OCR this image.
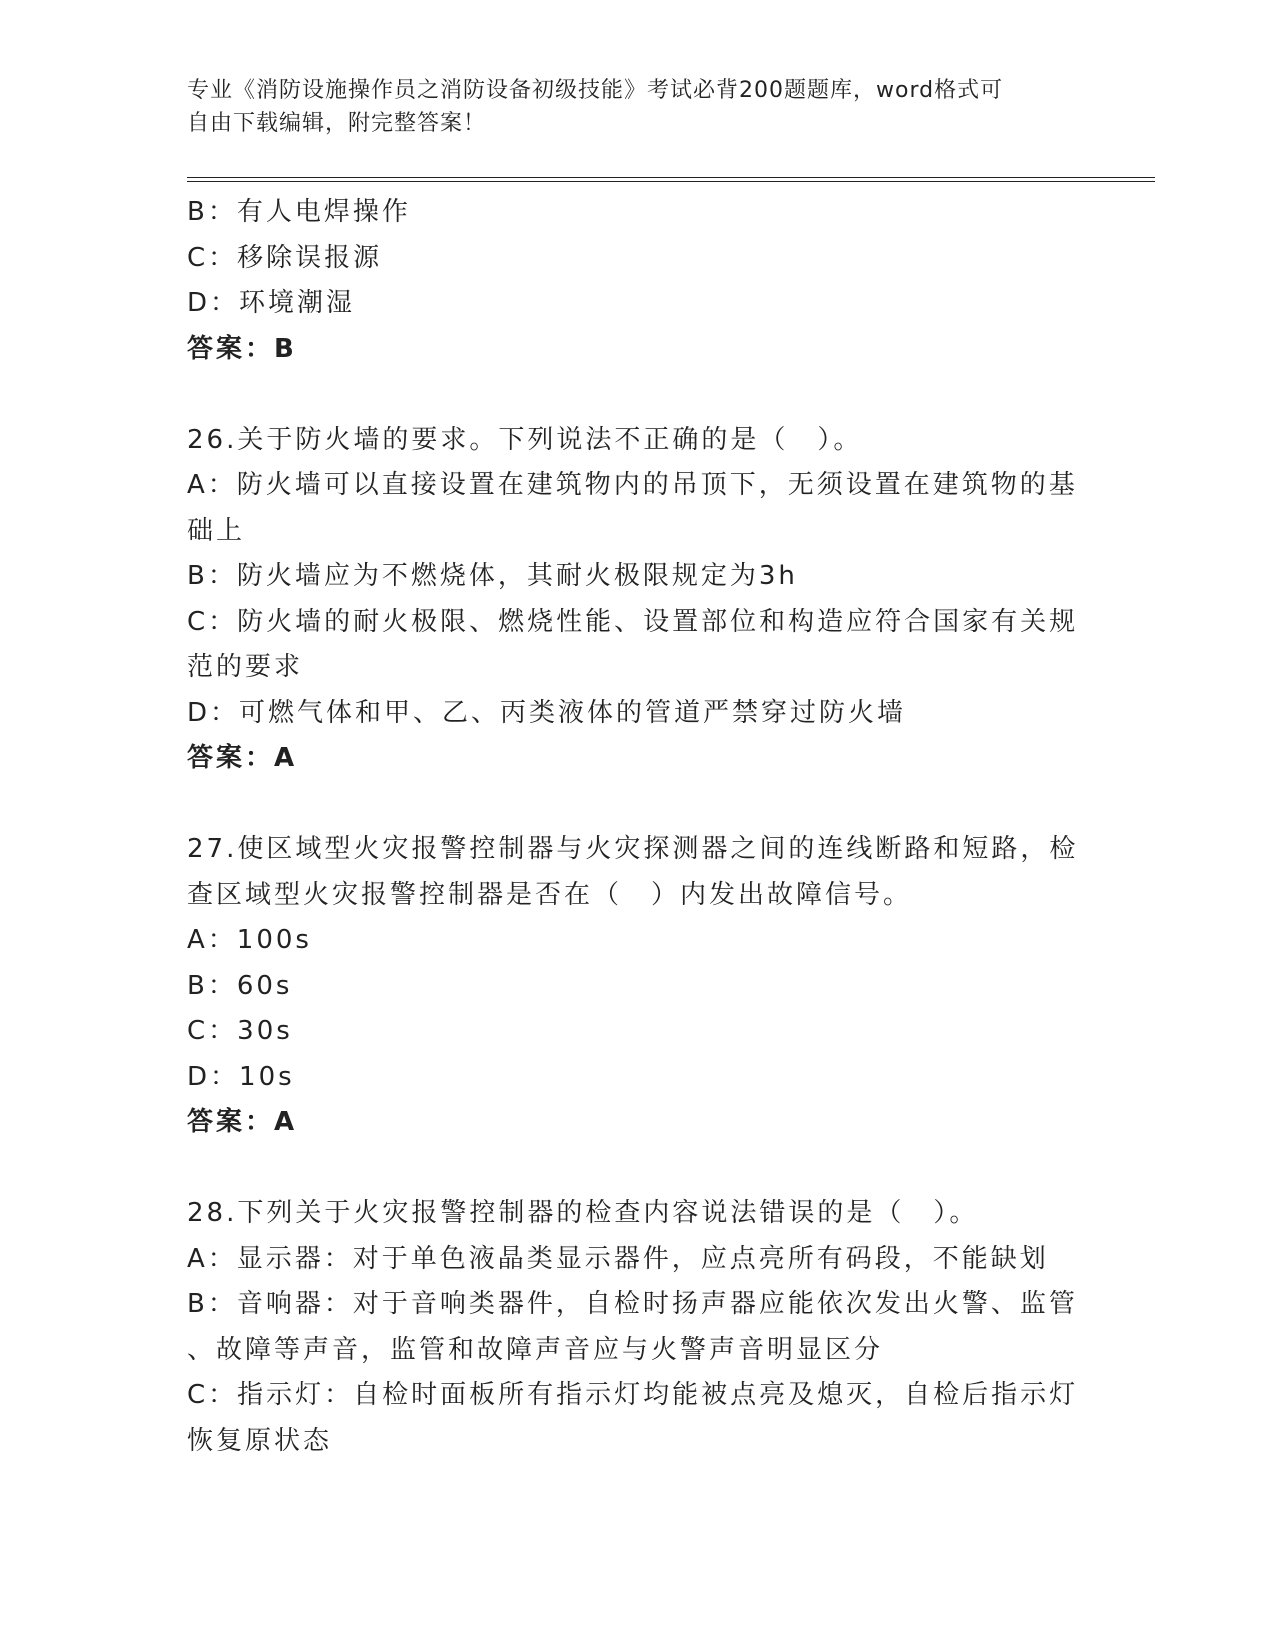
专业《消防设施操作员之消防设备初级技能》考试必背200题题库，word格式可
自由下载编辑，附完整答案！
B：有人电焊操作
C：移除误报源
D：环境潮湿
答案：B
26.关于防火墙的要求。下列说法不正确的是（　）。
A：防火墙可以直接设置在建筑物内的吊顶下，无须设置在建筑物的基
础上
B：防火墙应为不燃烧体，其耐火极限规定为3h
C：防火墙的耐火极限、燃烧性能、设置部位和构造应符合国家有关规
范的要求
D：可燃气体和甲、乙、丙类液体的管道严禁穿过防火墙
答案：A
27.使区域型火灾报警控制器与火灾探测器之间的连线断路和短路，检
查区域型火灾报警控制器是否在（　）内发出故障信号。
A：100s
B：60s
C：30s
D：10s
答案：A
28.下列关于火灾报警控制器的检查内容说法错误的是（　）。
A：显示器：对于单色液晶类显示器件，应点亮所有码段，不能缺划
B：音响器：对于音响类器件，自检时扬声器应能依次发出火警、监管
、故障等声音，监管和故障声音应与火警声音明显区分
C：指示灯：自检时面板所有指示灯均能被点亮及熄灭，自检后指示灯
恢复原状态
